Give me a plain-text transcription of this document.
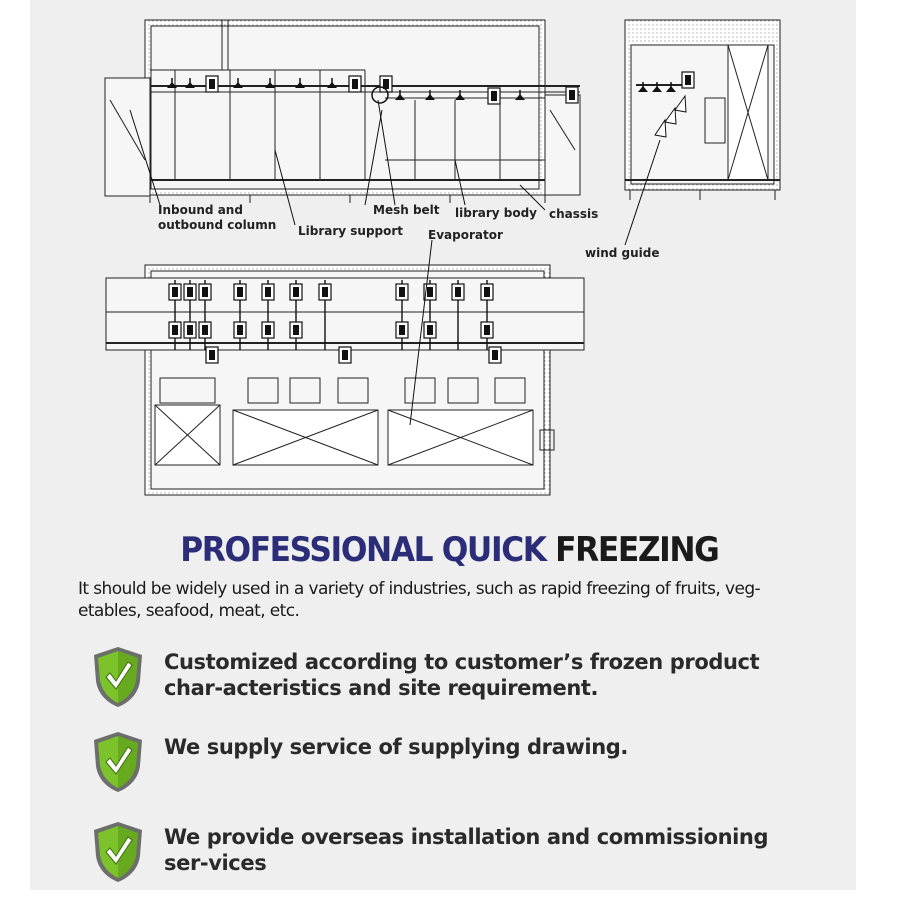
Inbound and
outbound column Library support
Mesh belt library body chassis
Evaporator
wind guide
PROFESSIONAL QUICK FREEZING
It should be widely used in a variety of industries, such as rapid freezing of fruits, veg-etables, seafood, meat, etc.
Customized according to customer’s frozen product char-acteristics and site requirement.
We supply service of supplying drawing.
We provide overseas installation and commissioning ser-vices
